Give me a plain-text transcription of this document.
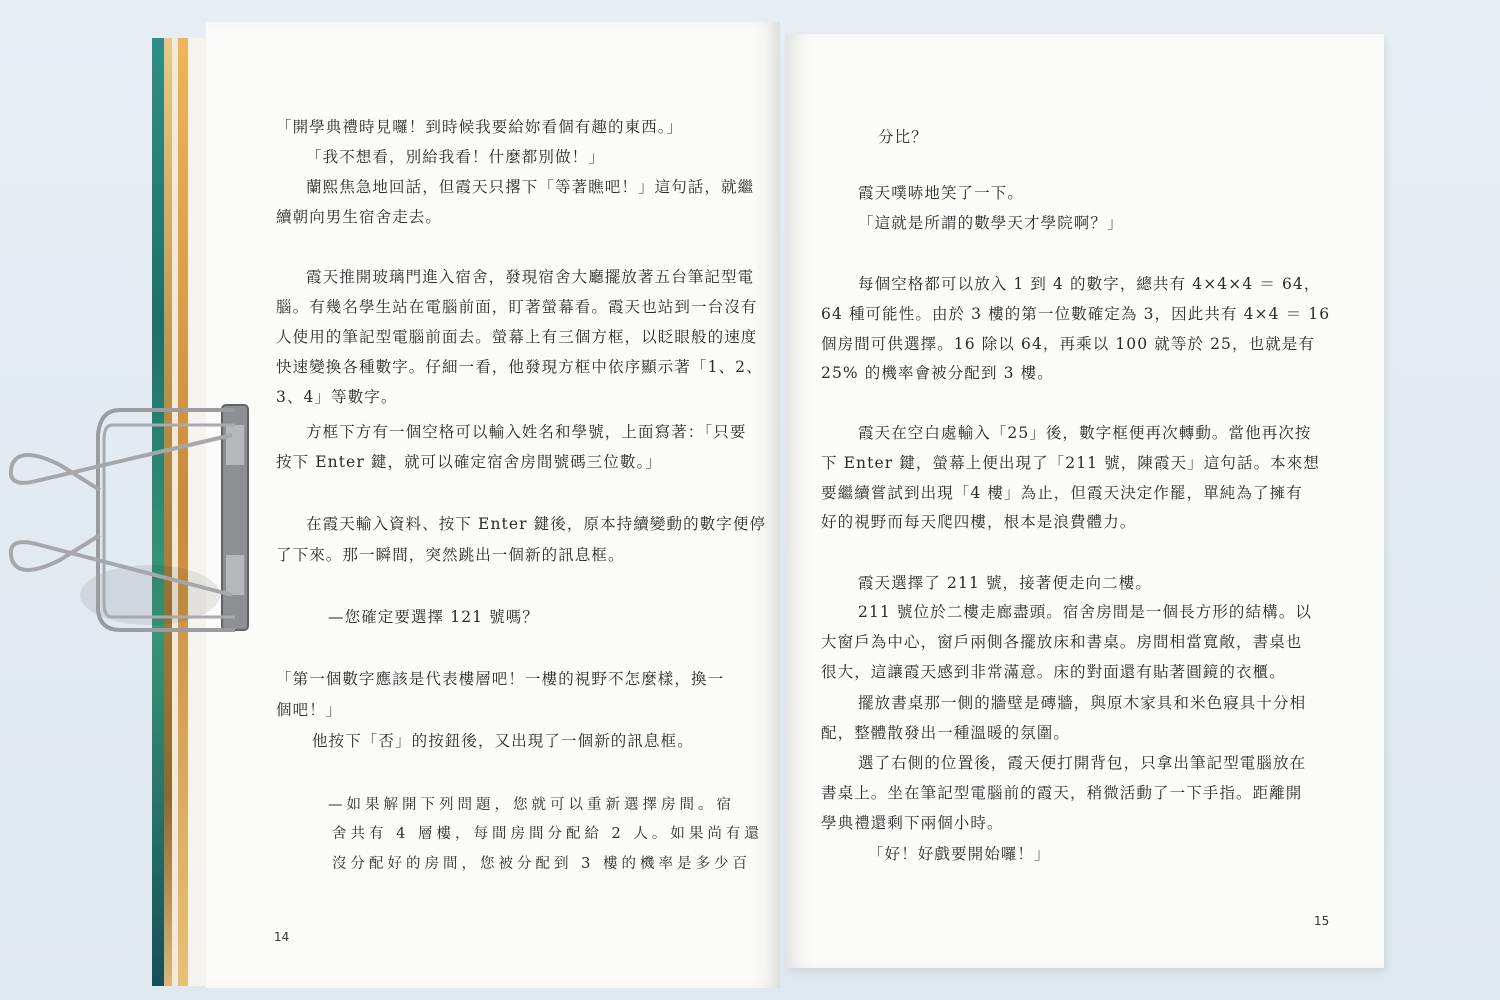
「開學典禮時見囉！到時候我要給妳看個有趣的東西。」
「我不想看，別給我看！什麼都別做！」
蘭熙焦急地回話，但霞天只撂下「等著瞧吧！」這句話，就繼
續朝向男生宿舍走去。
霞天推開玻璃門進入宿舍，發現宿舍大廳擺放著五台筆記型電
腦。有幾名學生站在電腦前面，盯著螢幕看。霞天也站到一台沒有
人使用的筆記型電腦前面去。螢幕上有三個方框，以眨眼般的速度
快速變換各種數字。仔細一看，他發現方框中依序顯示著「1、2、
3、4」等數字。
方框下方有一個空格可以輸入姓名和學號，上面寫著：「只要
按下 Enter 鍵，就可以確定宿舍房間號碼三位數。」
在霞天輸入資料、按下 Enter 鍵後，原本持續變動的數字便停
了下來。那一瞬間，突然跳出一個新的訊息框。
—您確定要選擇 121 號嗎？
「第一個數字應該是代表樓層吧！一樓的視野不怎麼樣，換一
個吧！」
他按下「否」的按鈕後，又出現了一個新的訊息框。
—如果解開下列問題，您就可以重新選擇房間。宿
舍共有 4 層樓，每間房間分配給 2 人。如果尚有還
沒分配好的房間，您被分配到 3 樓的機率是多少百
14
分比？
霞天噗哧地笑了一下。
「這就是所謂的數學天才學院啊？」
每個空格都可以放入 1 到 4 的數字，總共有 4×4×4 ＝ 64，
64 種可能性。由於 3 樓的第一位數確定為 3，因此共有 4×4 ＝ 16
個房間可供選擇。16 除以 64，再乘以 100 就等於 25，也就是有
25% 的機率會被分配到 3 樓。
霞天在空白處輸入「25」後，數字框便再次轉動。當他再次按
下 Enter 鍵，螢幕上便出現了「211 號，陳霞天」這句話。本來想
要繼續嘗試到出現「4 樓」為止，但霞天決定作罷，單純為了擁有
好的視野而每天爬四樓，根本是浪費體力。
霞天選擇了 211 號，接著便走向二樓。
211 號位於二樓走廊盡頭。宿舍房間是一個長方形的結構。以
大窗戶為中心，窗戶兩側各擺放床和書桌。房間相當寬敞，書桌也
很大，這讓霞天感到非常滿意。床的對面還有貼著圓鏡的衣櫃。
擺放書桌那一側的牆壁是磚牆，與原木家具和米色寢具十分相
配，整體散發出一種溫暖的氛圍。
選了右側的位置後，霞天便打開背包，只拿出筆記型電腦放在
書桌上。坐在筆記型電腦前的霞天，稍微活動了一下手指。距離開
學典禮還剩下兩個小時。
「好！好戲要開始囉！」
15
